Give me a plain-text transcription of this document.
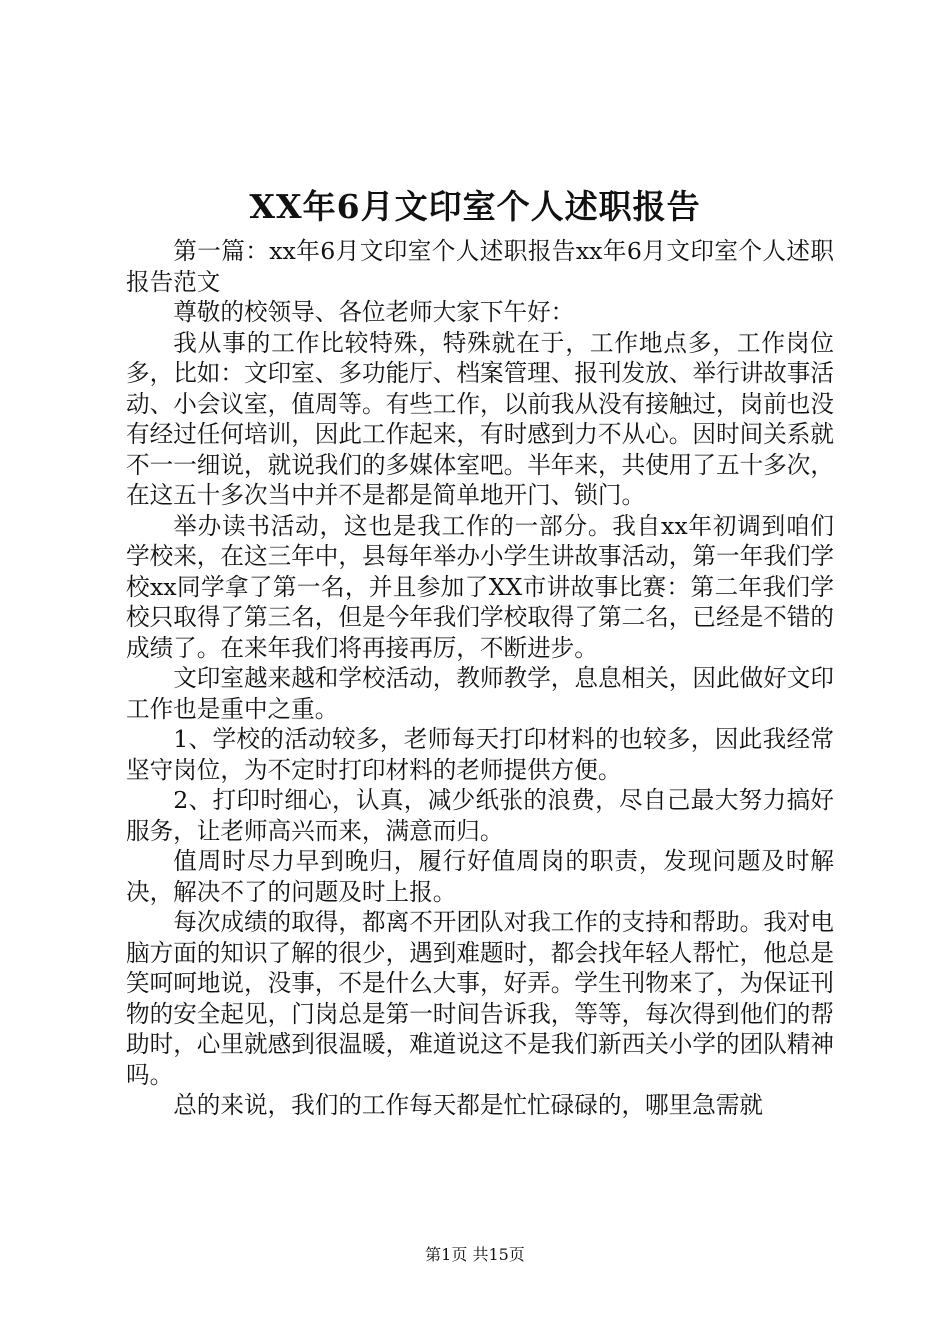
XX年6月文印室个人述职报告

第一篇：xx年6月文印室个人述职报告xx年6月文印室个人述职报告范文

尊敬的校领导、各位老师大家下午好：

我从事的工作比较特殊，特殊就在于，工作地点多，工作岗位多，比如：文印室、多功能厅、档案管理、报刊发放、举行讲故事活动、小会议室，值周等。有些工作，以前我从没有接触过，岗前也没有经过任何培训，因此工作起来，有时感到力不从心。因时间关系就不一一细说，就说我们的多媒体室吧。半年来，共使用了五十多次，在这五十多次当中并不是都是简单地开门、锁门。

举办读书活动，这也是我工作的一部分。我自xx年初调到咱们学校来，在这三年中，县每年举办小学生讲故事活动，第一年我们学校xx同学拿了第一名，并且参加了XX市讲故事比赛：第二年我们学校只取得了第三名，但是今年我们学校取得了第二名，已经是不错的成绩了。在来年我们将再接再厉，不断进步。

文印室越来越和学校活动，教师教学，息息相关，因此做好文印工作也是重中之重。

1、学校的活动较多，老师每天打印材料的也较多，因此我经常坚守岗位，为不定时打印材料的老师提供方便。

2、打印时细心，认真，减少纸张的浪费，尽自己最大努力搞好服务，让老师高兴而来，满意而归。

值周时尽力早到晚归，履行好值周岗的职责，发现问题及时解决，解决不了的问题及时上报。

每次成绩的取得，都离不开团队对我工作的支持和帮助。我对电脑方面的知识了解的很少，遇到难题时，都会找年轻人帮忙，他总是笑呵呵地说，没事，不是什么大事，好弄。学生刊物来了，为保证刊物的安全起见，门岗总是第一时间告诉我，等等，每次得到他们的帮助时，心里就感到很温暖，难道说这不是我们新西关小学的团队精神吗。

总的来说，我们的工作每天都是忙忙碌碌的，哪里急需就

第1页 共15页
